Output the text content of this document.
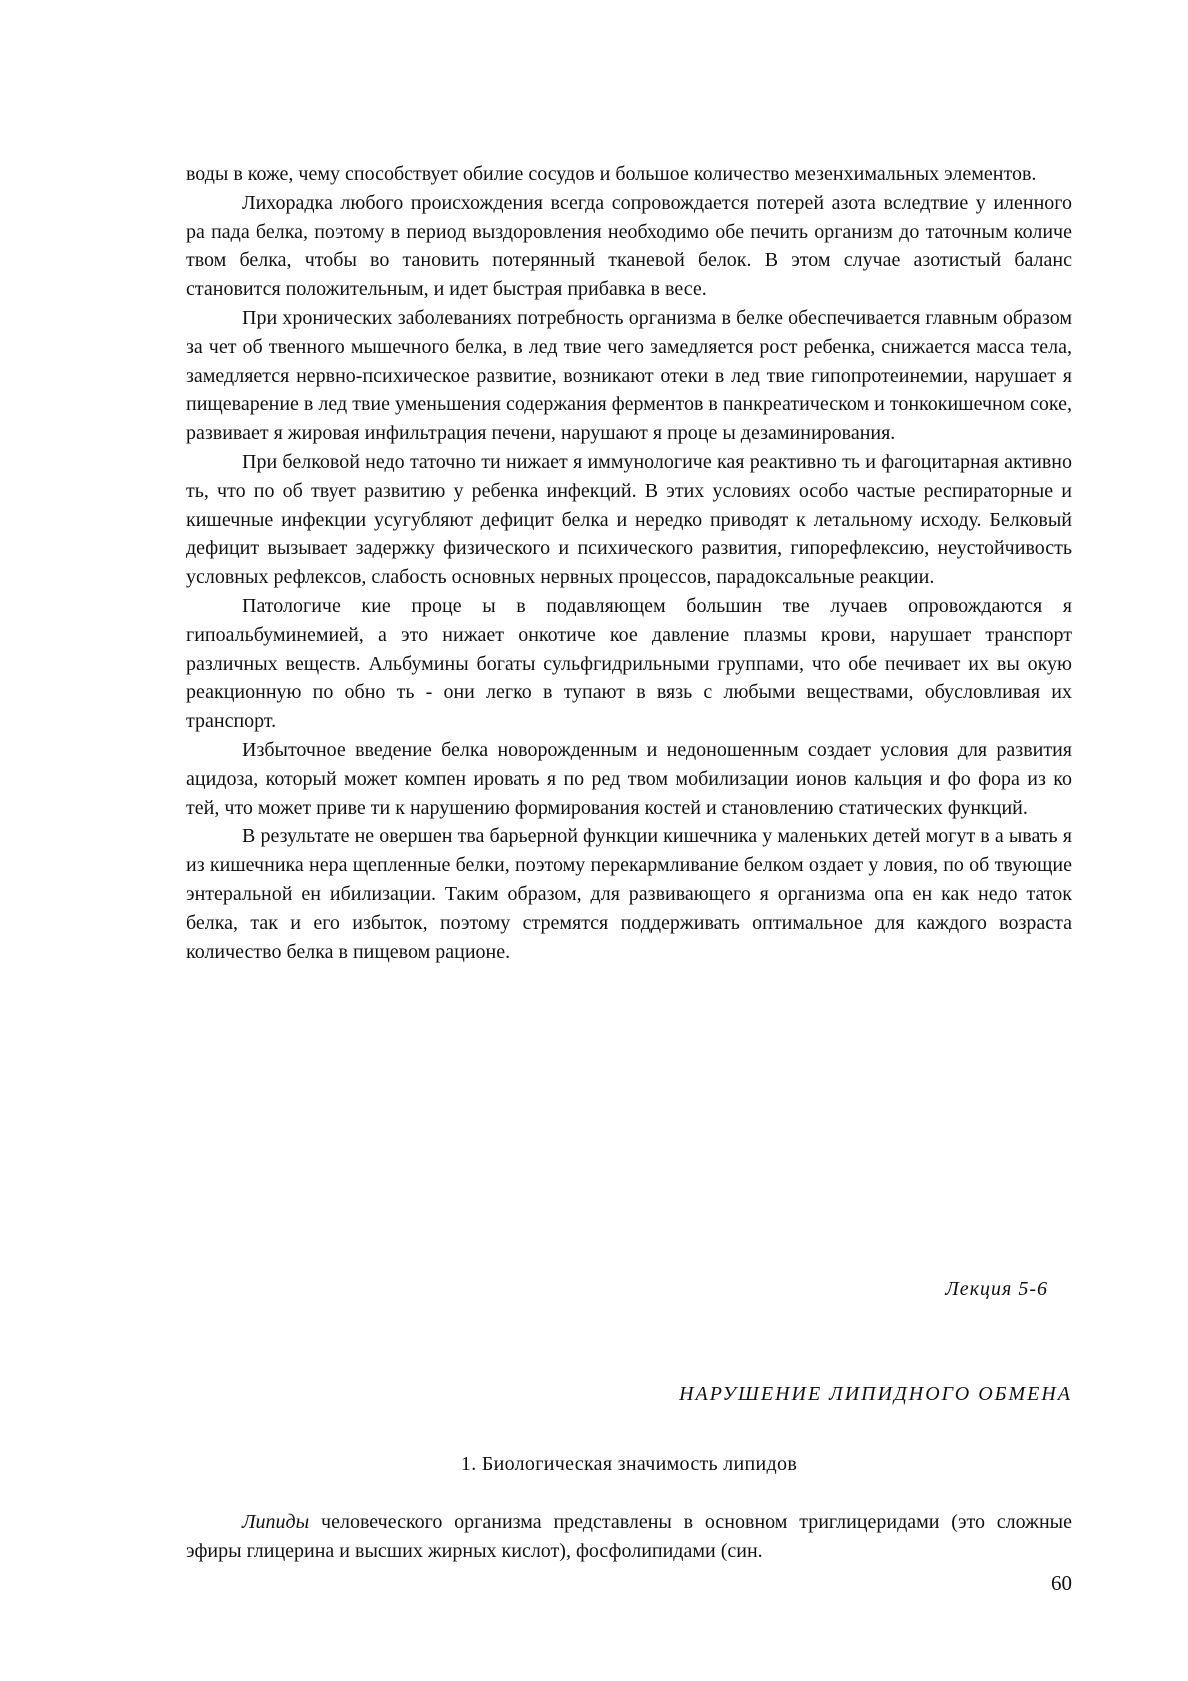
воды в коже, чему способствует обилие сосудов и большое количество мезенхимальных элементов.

Лихорадка любого происхождения всегда сопровождается потерей азота вследтвие у иленного ра пада белка, поэтому в период выздоровления необходимо обе печить организм до таточным количе твом белка, чтобы во тановить потерянный тканевой белок. В этом случае азотистый баланс становится положительным, и идет быстрая прибавка в весе.

При хронических заболеваниях потребность организма в белке обеспечивается главным образом за чет об твенного мышечного белка, в лед твие чего замедляется рост ребенка, снижается масса тела, замедляется нервно-психическое развитие, возникают отеки в лед твие гипопротеинемии, нарушает я пищеварение в лед твие уменьшения содержания ферментов в панкреатическом и тонкокишечном соке, развивает я жировая инфильтрация печени, нарушают я проце ы дезаминирования.

При белковой недо таточно ти нижает я иммунологиче кая реактивно ть и фагоцитарная активно ть, что по об твует развитию у ребенка инфекций. В этих условиях особо частые респираторные и кишечные инфекции усугубляют дефицит белка и нередко приводят к летальному исходу. Белковый дефицит вызывает задержку физического и психического развития, гипорефлексию, неустойчивость условных рефлексов, слабость основных нервных процессов, парадоксальные реакции.

Патологиче кие проце ы в подавляющем большин тве лучаев опровождаются я гипоальбуминемией, а это нижает онкотиче кое давление плазмы крови, нарушает транспорт различных веществ. Альбумины богаты сульфгидрильными группами, что обе печивает их вы окую реакционную по обно ть - они легко в тупают в вязь с любыми веществами, обусловливая их транспорт.

Избыточное введение белка новорожденным и недоношенным создает условия для развития ацидоза, который может компен ировать я по ред твом мобилизации ионов кальция и фо фора из ко тей, что может приве ти к нарушению формирования костей и становлению статических функций.

В результате не овершен тва барьерной функции кишечника у маленьких детей могут в а ывать я из кишечника нера щепленные белки, поэтому перекармливание белком оздает у ловия, по об твующие энтеральной ен ибилизации. Таким образом, для развивающего я организма опа ен как недо таток белка, так и его избыток, поэтому стремятся поддерживать оптимальное для каждого возраста количество белка в пищевом рационе.

Лекция 5-6
НАРУШЕНИЕ ЛИПИДНОГО ОБМЕНА
1. Биологическая значимость липидов

Липиды человеческого организма представлены в основном триглицеридами (это сложные эфиры глицерина и высших жирных кислот), фосфолипидами (син.

60
